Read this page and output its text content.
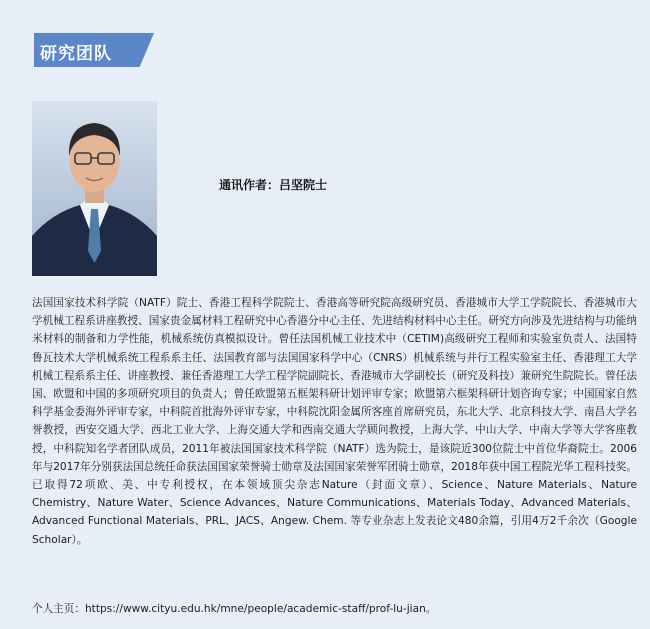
研究团队
通讯作者：吕坚院士
法国国家技术科学院（NATF）院士、香港工程科学院院士、香港高等研究院高级研究员、香港城市大学工学院院长、香港城市大学机械工程系讲座教授、国家贵金属材料工程研究中心香港分中心主任、先进结构材料中心主任。研究方向涉及先进结构与功能纳米材料的制备和力学性能，机械系统仿真模拟设计。曾任法国机械工业技术中（CETIM)高级研究工程师和实验室负责人、法国特鲁瓦技术大学机械系统工程系系主任、法国教育部与法国国家科学中心（CNRS）机械系统与并行工程实验室主任、香港理工大学机械工程系系主任、讲座教授、兼任香港理工大学工程学院副院长、香港城市大学副校长（研究及科技）兼研究生院院长。曾任法国、欧盟和中国的多项研究项目的负责人；曾任欧盟第五框架科研计划评审专家；欧盟第六框架科研计划咨询专家；中国国家自然科学基金委海外评审专家，中科院首批海外评审专家，中科院沈阳金属所客座首席研究员，东北大学、北京科技大学、南昌大学名誉教授，西安交通大学、西北工业大学、上海交通大学和西南交通大学顾问教授，上海大学、中山大学、中南大学等大学客座教授，中科院知名学者团队成员，2011年被法国国家技术科学院（NATF）选为院士，是该院近300位院士中首位华裔院士。2006年与2017年分别获法国总统任命获法国国家荣誉骑士勋章及法国国家荣誉军团骑士勋章，2018年获中国工程院光华工程科技奖。已取得72项欧、美、中专利授权，在本领域顶尖杂志Nature（封面文章）、Science、Nature Materials、Nature Chemistry、Nature Water、Science Advances、Nature Communications、Materials Today、Advanced Materials、Advanced Functional Materials、PRL、JACS、Angew. Chem. 等专业杂志上发表论文480余篇，引用4万2千余次（Google Scholar）。
个人主页：https://www.cityu.edu.hk/mne/people/academic-staff/prof-lu-jian。
